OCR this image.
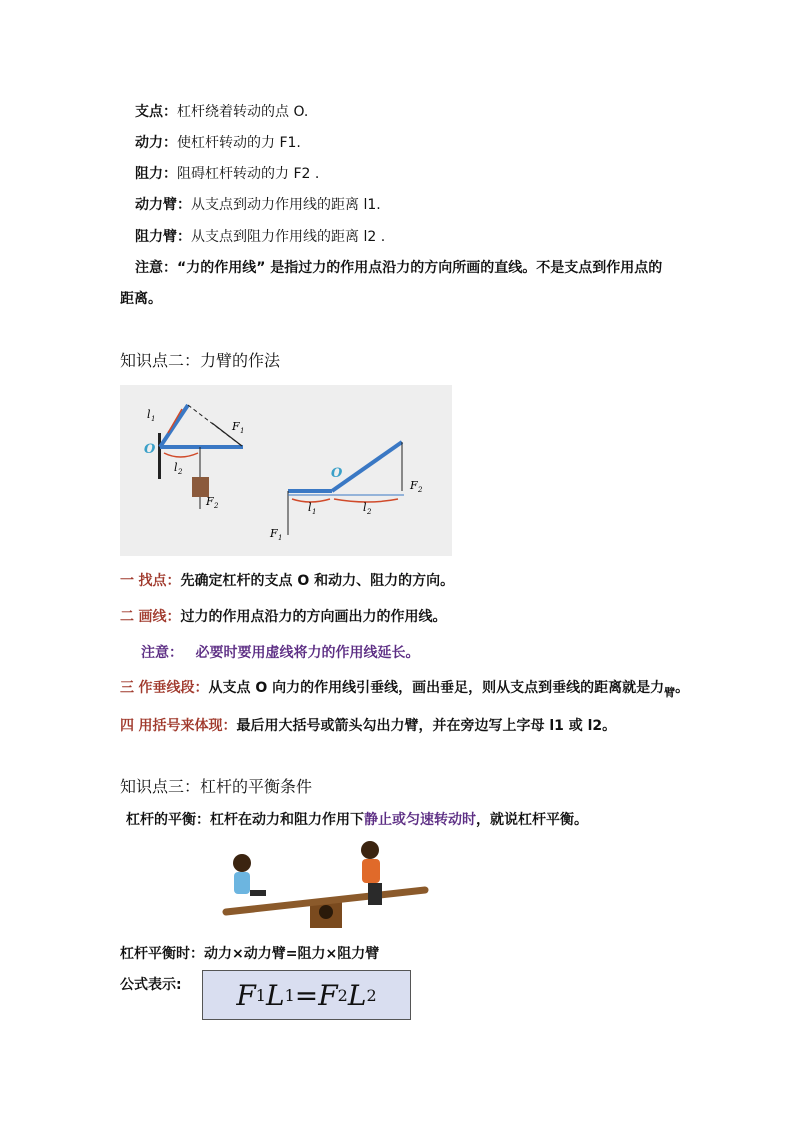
支点：杠杆绕着转动的点 O.
动力：使杠杆转动的力 F1.
阻力：阻碍杠杆转动的力 F2 .
动力臂：从支点到动力作用线的距离 l1.
阻力臂：从支点到阻力作用线的距离 l2 .
注意：“力的作用线” 是指过力的作用点沿力的方向所画的直线。不是支点到作用点的
距离。
知识点二：力臂的作法
l 1
F 1
O
l 2
F 2
O
l 1	l 2
F 2
F 1
一 找点：先确定杠杆的支点 O 和动力、阻力的方向。
二 画线：过力的作用点沿力的方向画出力的作用线。
注意： 必要时要用虚线将力的作用线延长。
三 作垂线段：从支点 O 向力的作用线引垂线，画出垂足，则从支点到垂线的距离就是力$_臂$。
四 用括号来体现：最后用大括号或箭头勾出力臂，并在旁边写上字母 l1 或 l2。
知识点三：杠杆的平衡条件
杠杆的平衡：杠杆在动力和阻力作用下静止或匀速转动时，就说杠杆平衡。
杠杆平衡时：动力×动力臂=阻力×阻力臂
公式表示: F 1 L 1 = F 2 L 2
